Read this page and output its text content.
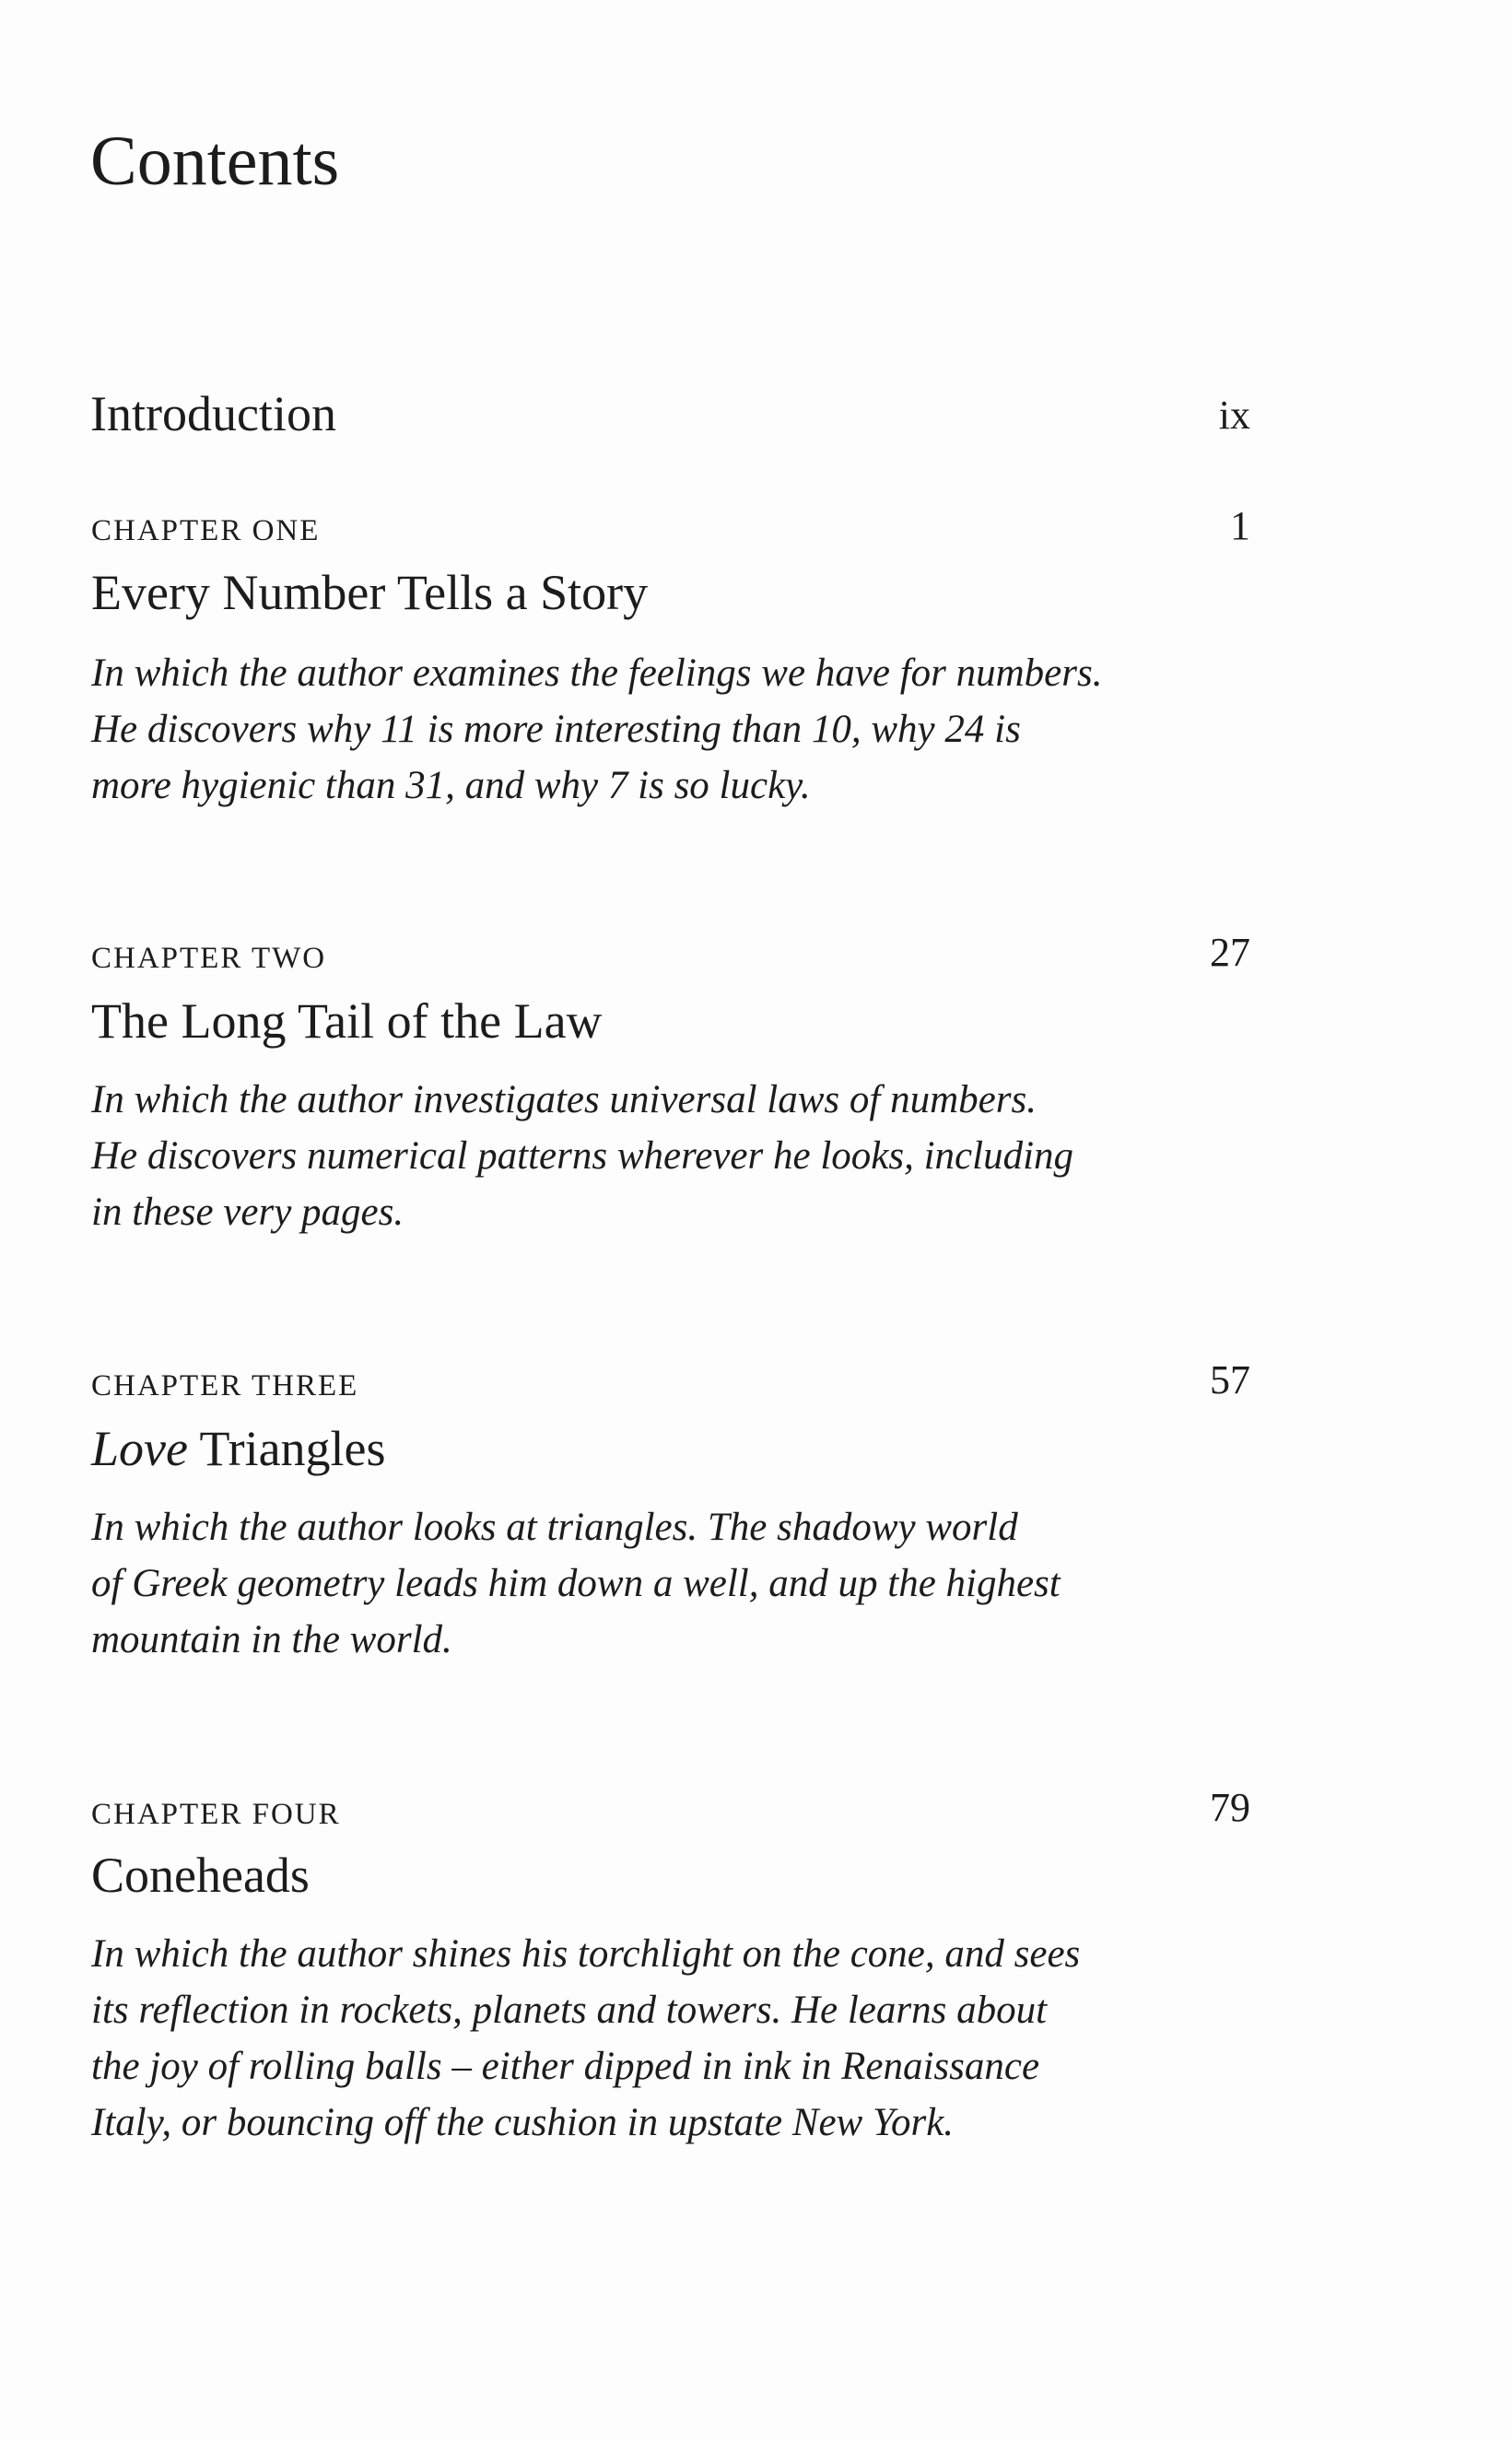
Contents
Introduction	ix
CHAPTER ONE	1
Every Number Tells a Story
In which the author examines the feelings we have for numbers.
He discovers why 11 is more interesting than 10, why 24 is
more hygienic than 31, and why 7 is so lucky.
CHAPTER TWO	27
The Long Tail of the Law
In which the author investigates universal laws of numbers.
He discovers numerical patterns wherever he looks, including
in these very pages.
CHAPTER THREE	57
Love Triangles
In which the author looks at triangles. The shadowy world
of Greek geometry leads him down a well, and up the highest
mountain in the world.
CHAPTER FOUR	79
Coneheads
In which the author shines his torchlight on the cone, and sees
its reflection in rockets, planets and towers. He learns about
the joy of rolling balls – either dipped in ink in Renaissance
Italy, or bouncing off the cushion in upstate New York.
